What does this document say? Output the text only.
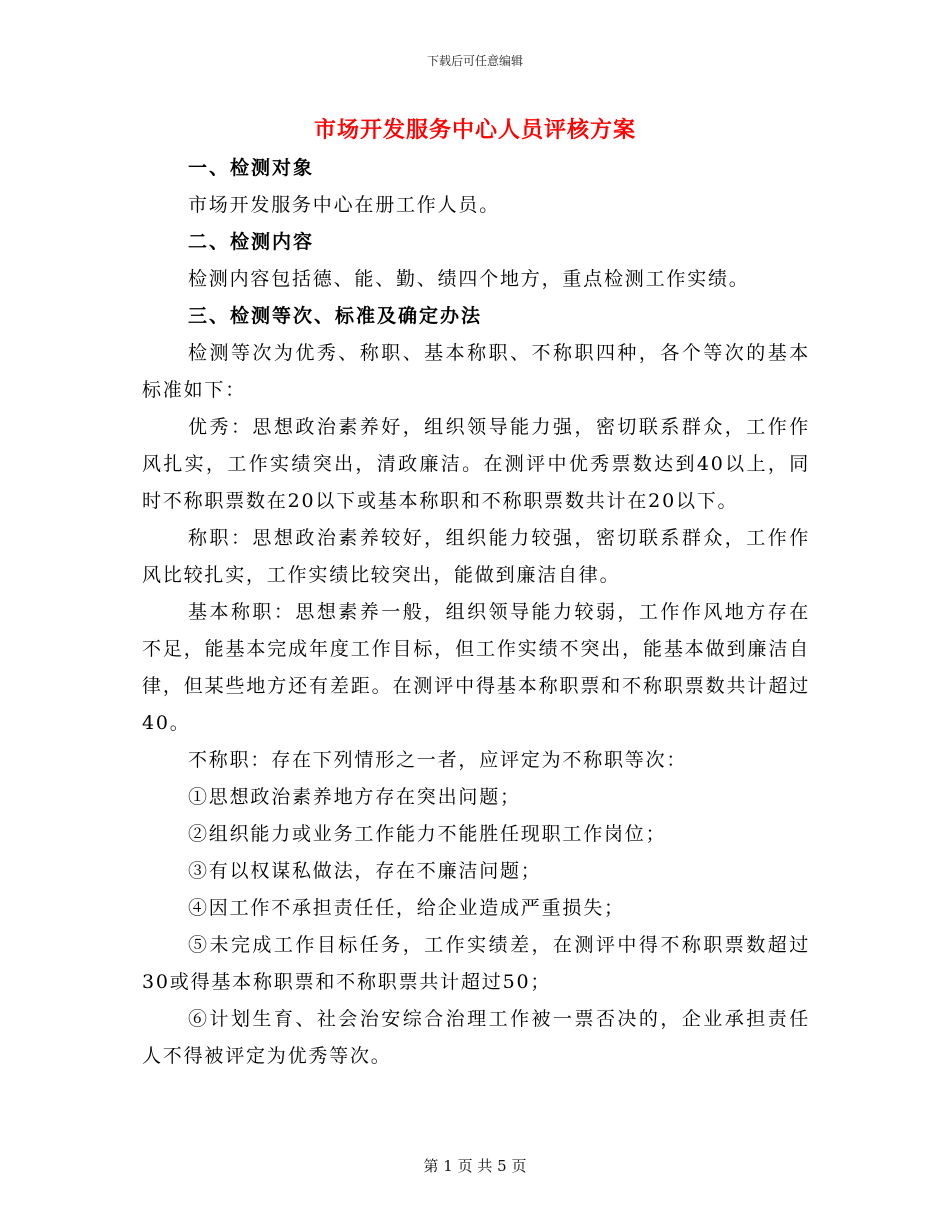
下载后可任意编辑
市场开发服务中心人员评核方案

一、检测对象

市场开发服务中心在册工作人员。

二、检测内容

检测内容包括德、能、勤、绩四个地方，重点检测工作实绩。

三、检测等次、标准及确定办法

检测等次为优秀、称职、基本称职、不称职四种，各个等次的基本标准如下：

优秀：思想政治素养好，组织领导能力强，密切联系群众，工作作风扎实，工作实绩突出，清政廉洁。在测评中优秀票数达到40以上，同时不称职票数在20以下或基本称职和不称职票数共计在20以下。

称职：思想政治素养较好，组织能力较强，密切联系群众，工作作风比较扎实，工作实绩比较突出，能做到廉洁自律。

基本称职：思想素养一般，组织领导能力较弱，工作作风地方存在不足，能基本完成年度工作目标，但工作实绩不突出，能基本做到廉洁自律，但某些地方还有差距。在测评中得基本称职票和不称职票数共计超过40。

不称职：存在下列情形之一者，应评定为不称职等次：

①思想政治素养地方存在突出问题；

②组织能力或业务工作能力不能胜任现职工作岗位；

③有以权谋私做法，存在不廉洁问题；

④因工作不承担责任任，给企业造成严重损失；

⑤未完成工作目标任务，工作实绩差，在测评中得不称职票数超过30或得基本称职票和不称职票共计超过50；

⑥计划生育、社会治安综合治理工作被一票否决的，企业承担责任人不得被评定为优秀等次。

第 1 页 共 5 页
